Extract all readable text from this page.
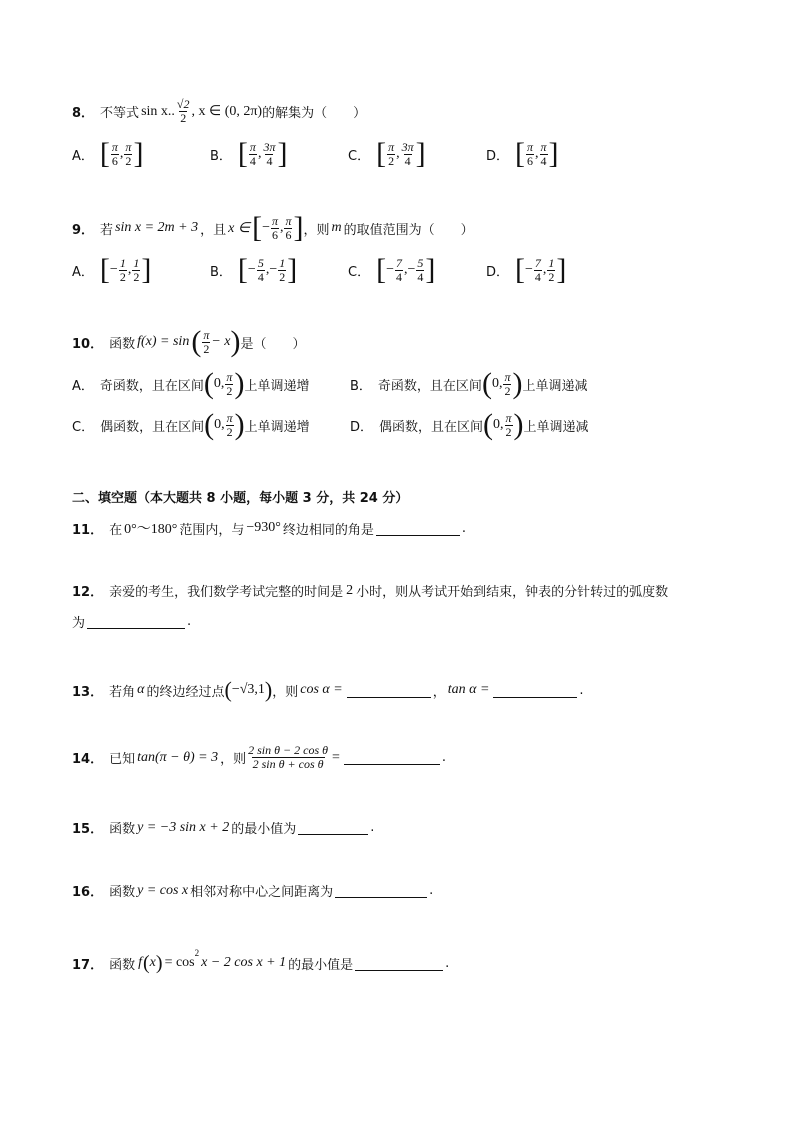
8． 不等式 sin x .. $\frac{√2}{2}$ , x ∈ (0, 2π) 的解集为（　　）
A． [ $\frac{\pi}{6}$ , $\frac{\pi}{2}$ ]	B． [ $\frac{\pi}{4}$ , $\frac{3\pi}{4}$ ]	C． [ $\frac{\pi}{2}$ , $\frac{3\pi}{4}$ ]	D． [ $\frac{\pi}{6}$ , $\frac{\pi}{4}$ ]
9． 若 sin x = 2m + 3 ，且 x ∈ [ − $\frac{\pi}{6}$ , $\frac{\pi}{6}$ ] ，则 m 的取值范围为（　　）
A． [ − $\frac{1}{2}$ , $\frac{1}{2}$ ]	B． [ − $\frac{5}{4}$ , − $\frac{1}{2}$ ]	C． [ − $\frac{7}{4}$ , − $\frac{5}{4}$ ]	D． [ − $\frac{7}{4}$ , $\frac{1}{2}$ ]
10． 函数 f(x) = sin ( $\frac{\pi}{2} - x$ ) 是（　　）
A． 奇函数，且在区间 ( 0, $\frac{\pi}{2}$ ) 上单调递增	B． 奇函数，且在区间 ( 0, $\frac{\pi}{2}$ ) 上单调递减
C． 偶函数，且在区间 ( 0, $\frac{\pi}{2}$ ) 上单调递增	D． 偶函数，且在区间 ( 0, $\frac{\pi}{2}$ ) 上单调递减
二、填空题（本大题共 8 小题，每小题 3 分，共 24 分）
11． 在 0°～180° 范围内，与 −930° 终边相同的角是	.
12． 亲爱的考生，我们数学考试完整的时间是 2 小时，则从考试开始到结束，钟表的分针转过的弧度数
为	.
13． 若角 α 的终边经过点 ( −√3,1 ) ，则 cos α =	， tan α =	.
14． 已知 tan(π − θ) = 3 ，则 $\frac{\text{2 sin θ − 2 cos θ}}{\text{2 sin θ + cos θ}}$ =	.
15． 函数 y = −3 sin x + 2 的最小值为	.
16． 函数 y = cos x 相邻对称中心之间距离为	.
17． 函数 f ( x ) = cos
$^2$
x − 2 cos x + 1 的最小值是	.
